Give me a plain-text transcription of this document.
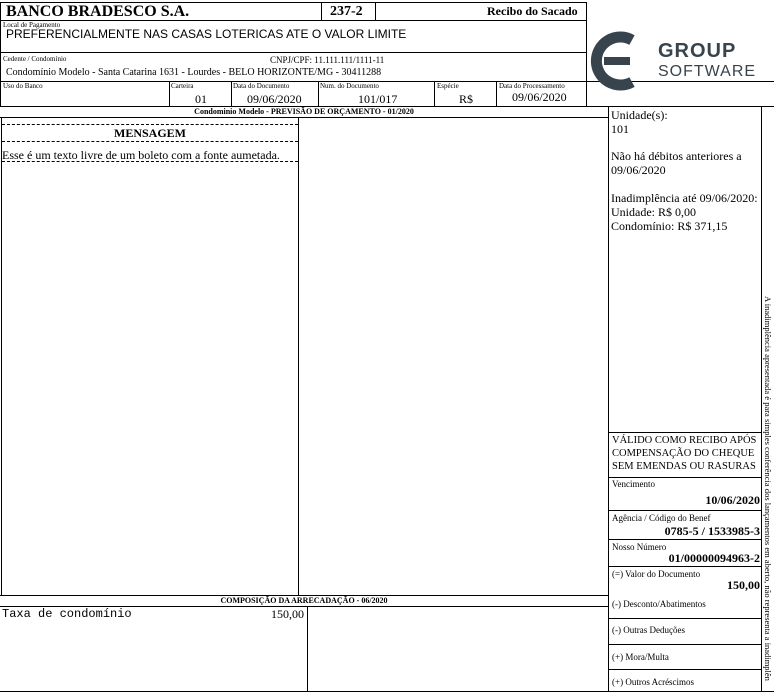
BANCO BRADESCO S.A.	237-2	Recibo do Sacado
GROUP
SOFTWARE
Local de Pagamento
PREFERENCIALMENTE NAS CASAS LOTERICAS ATE O VALOR LIMITE
Cedente / Condomínio	CNPJ/CPF: 11.111.111/1111-11
Condomínio Modelo - Santa Catarina 1631 - Lourdes - BELO HORIZONTE/MG - 30411288
Uso do Banco	Carteira
01
Data do Documento
09/06/2020
Num. do Documento
101/017
Espécie
R$
Data do Processamento
09/06/2020
Condominio Modelo - PREVISÃO DE ORÇAMENTO - 01/2020
MENSAGEM
Esse é um texto livre de um boleto com a fonte aumetada.
Unidade(s):
101
Não há débitos anteriores a
09/06/2020
Inadimplência até 09/06/2020:
Unidade: R$ 0,00
Condomínio: R$ 371,15
VÁLIDO COMO RECIBO APÓS
COMPENSAÇÃO DO CHEQUE
SEM EMENDAS OU RASURAS
Vencimento
10/06/2020
Agência / Código do Benef
0785-5 / 1533985-3
Nosso Número
01/00000094963-2
(=) Valor do Documento
150,00
(-) Desconto/Abatimentos
(-) Outras Deduções
(+) Mora/Multa
(+) Outros Acréscimos
A inadimplência apresentada é para simples conferência dos lançamentos em aberto, não representa a inadimplên
COMPOSIÇÃO DA ARRECADAÇÃO - 06/2020
Taxa de condomínio	150,00
